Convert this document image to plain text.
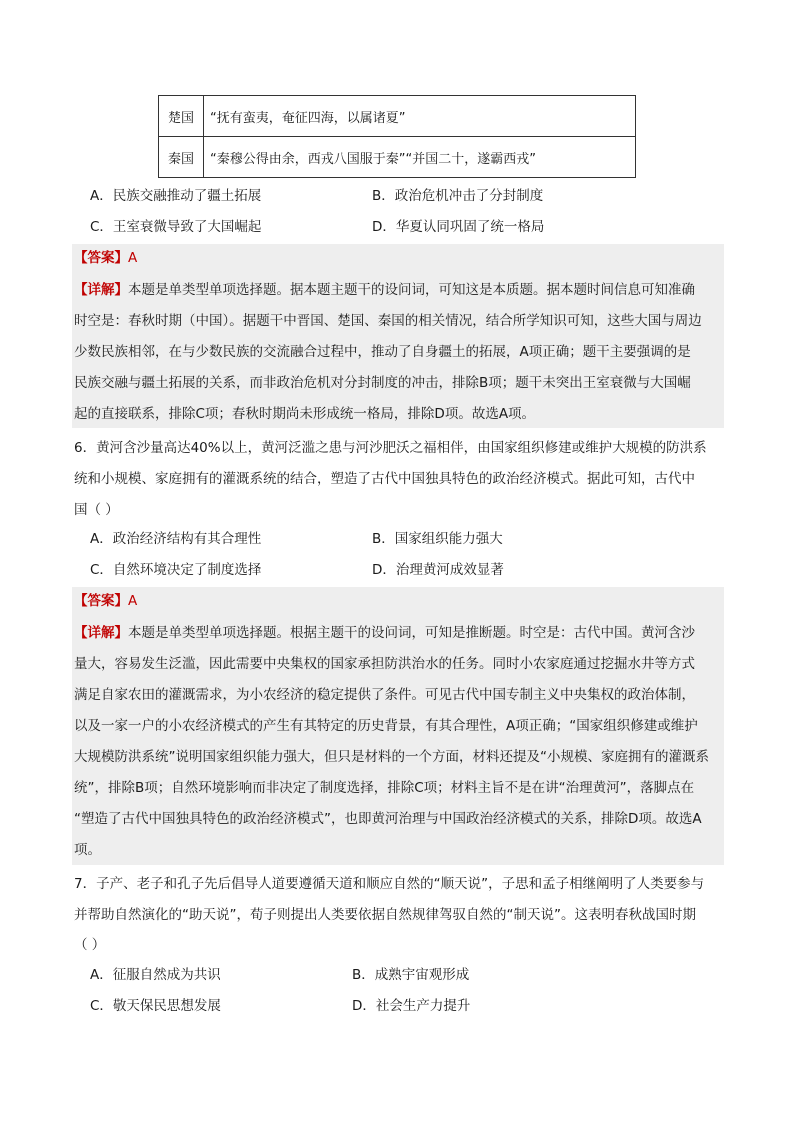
楚国	“抚有蛮夷，奄征四海，以属诸夏”
秦国	“秦穆公得由余，西戎八国服于秦”“并国二十，遂霸西戎”
A．民族交融推动了疆土拓展	B．政治危机冲击了分封制度
C．王室衰微导致了大国崛起	D．华夏认同巩固了统一格局
【答案】A
【详解】本题是单类型单项选择题。据本题主题干的设问词，可知这是本质题。据本题时间信息可知准确
时空是：春秋时期（中国）。据题干中晋国、楚国、秦国的相关情况，结合所学知识可知，这些大国与周边
少数民族相邻，在与少数民族的交流融合过程中，推动了自身疆土的拓展，A项正确；题干主要强调的是
民族交融与疆土拓展的关系，而非政治危机对分封制度的冲击，排除B项；题干未突出王室衰微与大国崛
起的直接联系，排除C项；春秋时期尚未形成统一格局，排除D项。故选A项。
6．黄河含沙量高达40%以上，黄河泛滥之患与河沙肥沃之福相伴，由国家组织修建或维护大规模的防洪系
统和小规模、家庭拥有的灌溉系统的结合，塑造了古代中国独具特色的政治经济模式。据此可知，古代中
国（ ）
A．政治经济结构有其合理性	B．国家组织能力强大
C．自然环境决定了制度选择	D．治理黄河成效显著
【答案】A
【详解】本题是单类型单项选择题。根据主题干的设问词，可知是推断题。时空是：古代中国。黄河含沙
量大，容易发生泛滥，因此需要中央集权的国家承担防洪治水的任务。同时小农家庭通过挖掘水井等方式
满足自家农田的灌溉需求，为小农经济的稳定提供了条件。可见古代中国专制主义中央集权的政治体制，
以及一家一户的小农经济模式的产生有其特定的历史背景，有其合理性，A项正确；“国家组织修建或维护
大规模防洪系统”说明国家组织能力强大，但只是材料的一个方面，材料还提及“小规模、家庭拥有的灌溉系
统”，排除B项；自然环境影响而非决定了制度选择，排除C项；材料主旨不是在讲“治理黄河”，落脚点在
“塑造了古代中国独具特色的政治经济模式”，也即黄河治理与中国政治经济模式的关系，排除D项。故选A
项。
7．子产、老子和孔子先后倡导人道要遵循天道和顺应自然的“顺天说”，子思和孟子相继阐明了人类要参与
并帮助自然演化的“助天说”，荀子则提出人类要依据自然规律驾驭自然的“制天说”。这表明春秋战国时期
（ ）
A．征服自然成为共识	B．成熟宇宙观形成
C．敬天保民思想发展	D．社会生产力提升
